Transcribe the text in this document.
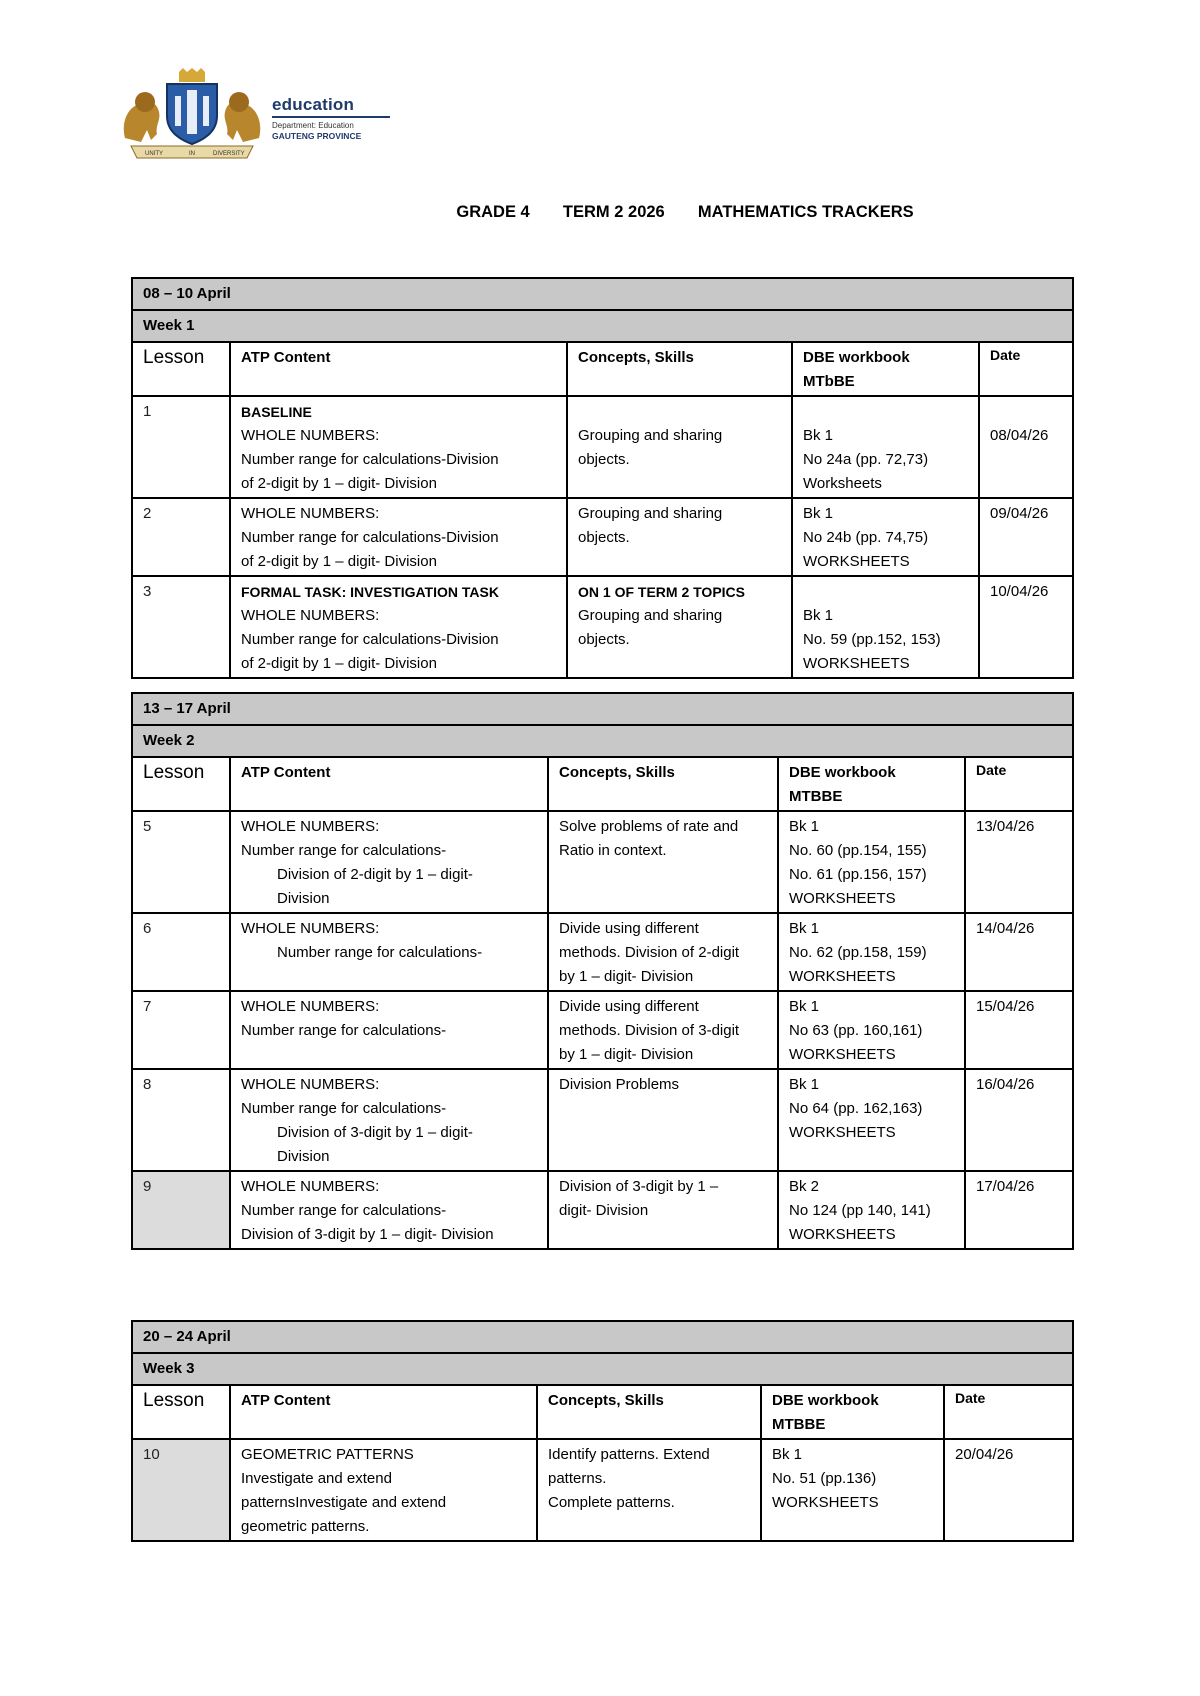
UNITY	IN	DIVERSITY
education
Department: Education
GAUTENG PROVINCE
GRADE 4 TERM 2 2026 MATHEMATICS TRACKERS
08 – 10 April				
Week 1				
Lesson	ATP Content	Concepts, Skills	DBE workbook
MTbBE	Date
1	BASELINE
WHOLE NUMBERS:
Number range for calculations-Division
of 2-digit by 1 – digit- Division	Grouping and sharing
objects.	Bk 1
No 24a (pp. 72,73)
Worksheets	08/04/26

2	WHOLE NUMBERS:
Number range for calculations-Division
of 2-digit by 1 – digit- Division	Grouping and sharing
objects.	Bk 1
No 24b (pp. 74,75)
WORKSHEETS	09/04/26

3	FORMAL TASK: INVESTIGATION TASK
WHOLE NUMBERS:
Number range for calculations-Division
of 2-digit by 1 – digit- Division	ON 1 OF TERM 2 TOPICS
Grouping and sharing
objects.	Bk 1
No. 59 (pp.152, 153)
WORKSHEETS	10/04/26
13 – 17 April				
Week 2				
Lesson	ATP Content	Concepts, Skills	DBE workbook
MTBBE	Date
5	WHOLE NUMBERS:
Number range for calculations-
Division of 2-digit by 1 – digit-
Division	Solve problems of rate and
Ratio in context.	Bk 1
No. 60 (pp.154, 155)
No. 61 (pp.156, 157)
WORKSHEETS	13/04/26

6	WHOLE NUMBERS:
Number range for calculations-	Divide using different
methods. Division of 2-digit
by 1 – digit- Division	Bk 1
No. 62 (pp.158, 159)
WORKSHEETS	14/04/26

7	WHOLE NUMBERS:
Number range for calculations-	Divide using different
methods. Division of 3-digit
by 1 – digit- Division	Bk 1
No 63 (pp. 160,161)
WORKSHEETS	15/04/26

8	WHOLE NUMBERS:
Number range for calculations-
Division of 3-digit by 1 – digit-
Division	Division Problems	Bk 1
No 64 (pp. 162,163)
WORKSHEETS	16/04/26

9	WHOLE NUMBERS:
Number range for calculations-
Division of 3-digit by 1 – digit- Division	Division of 3-digit by 1 –
digit- Division	Bk 2
No 124 (pp 140, 141)
WORKSHEETS	17/04/26
20 – 24 April				
Week 3				
Lesson	ATP Content	Concepts, Skills	DBE workbook
MTBBE	Date
10	GEOMETRIC PATTERNS
Investigate and extend
patternsInvestigate and extend
geometric patterns.	Identify patterns. Extend
patterns.
Complete patterns.	Bk 1
No. 51 (pp.136)
WORKSHEETS	20/04/26
